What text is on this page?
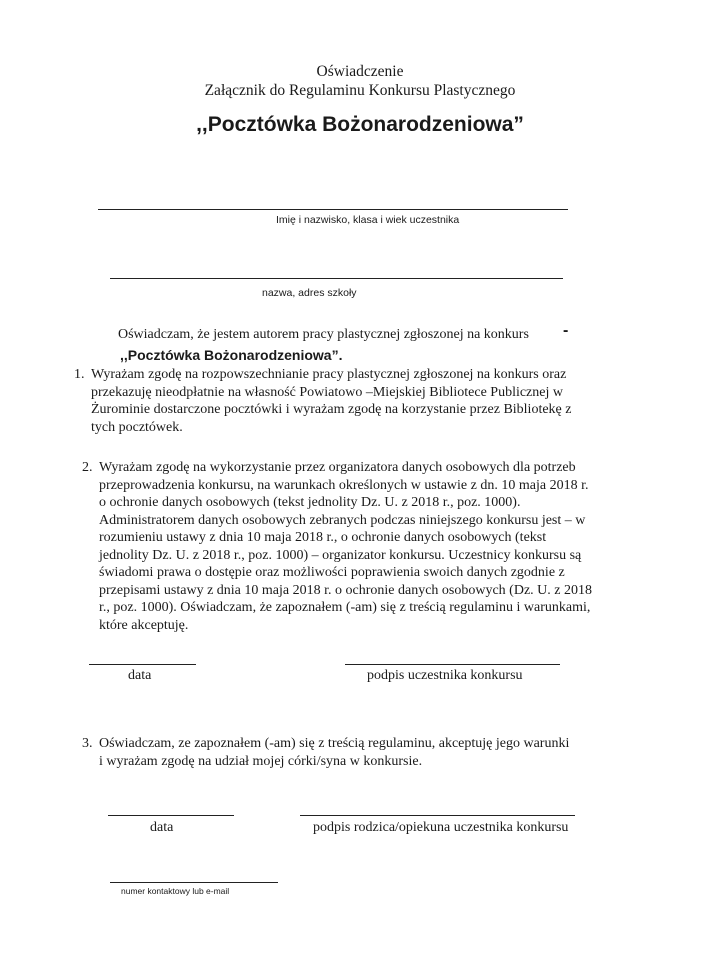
Oświadczenie
Załącznik do Regulaminu Konkursu Plastycznego
,,Pocztówka Bożonarodzeniowa”
Imię i nazwisko, klasa i wiek uczestnika
nazwa, adres szkoły
Oświadczam, że jestem autorem pracy plastycznej zgłoszonej na konkurs -
,,Pocztówka Bożonarodzeniowa”.
1. Wyrażam zgodę na rozpowszechnianie pracy plastycznej zgłoszonej na konkurs oraz
przekazuję nieodpłatnie na własność Powiatowo –Miejskiej Bibliotece Publicznej w
Żurominie dostarczone pocztówki i wyrażam zgodę na korzystanie przez Bibliotekę z
tych pocztówek.
2. Wyrażam zgodę na wykorzystanie przez organizatora danych osobowych dla potrzeb
przeprowadzenia konkursu, na warunkach określonych w ustawie z dn. 10 maja 2018 r.
o ochronie danych osobowych (tekst jednolity Dz. U. z 2018 r., poz. 1000).
Administratorem danych osobowych zebranych podczas niniejszego konkursu jest – w
rozumieniu ustawy z dnia 10 maja 2018 r., o ochronie danych osobowych (tekst
jednolity Dz. U. z 2018 r., poz. 1000) – organizator konkursu. Uczestnicy konkursu są
świadomi prawa o dostępie oraz możliwości poprawienia swoich danych zgodnie z
przepisami ustawy z dnia 10 maja 2018 r. o ochronie danych osobowych (Dz. U. z 2018
r., poz. 1000). Oświadczam, że zapoznałem (-am) się z treścią regulaminu i warunkami,
które akceptuję.
data	podpis uczestnika konkursu
3. Oświadczam, ze zapoznałem (-am) się z treścią regulaminu, akceptuję jego warunki
i wyrażam zgodę na udział mojej córki/syna w konkursie.
data	podpis rodzica/opiekuna uczestnika konkursu
numer kontaktowy lub e-mail
